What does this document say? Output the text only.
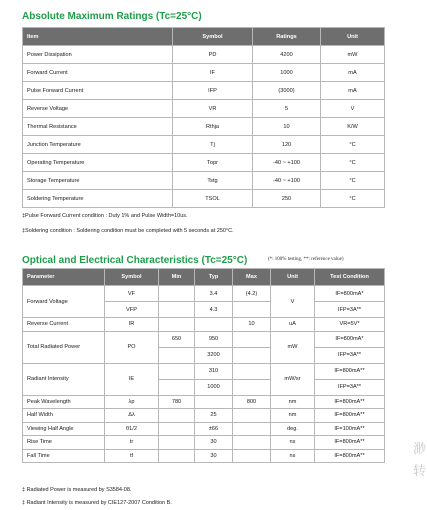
Absolute Maximum Ratings (Tc=25°C)
Item	Symbol	Ratings	Unit
Power Dissipation	PD	4200	mW
Forward Current	IF	1000	mA
Pulse Forward Current	IFP	(3000)	mA
Reverse Voltage	VR	5	V
Thermal Resistance	Rthja	10	K/W
Junction Temperature	Tj	120	°C
Operating Temperature	Topr	-40 ~ +100	°C
Storage Temperature	Tstg	-40 ~ +100	°C
Soldering Temperature	TSOL	250	°C

‡Pulse Forward Current condition : Duty 1% and Pulse Width=10us.

‡Soldering condition : Soldering condition must be completed with 5 seconds at 250°C.

Optical and Electrical Characteristics (Tc=25°C)	(*: 100% testing, **: reference value)
Parameter	Symbol	Min	Typ	Max	Unit	Test Condition
Forward Voltage	VF		3.4	(4.2)	V	IF=800mA*
	VFP		4.3			IFP=3A**
Reverse Current	IR			10	uA	VR=5V*
Total Radiated Power	PO	650	950		mW	IF=800mA*
			3200			IFP=3A**
Radiant Intensity	IE		310		mW/sr	IF=800mA**
			1000			IFP=3A**
Peak Wavelength	λp	780		800	nm	IF=800mA**
Half Width	Δλ		25		nm	IF=800mA**
Viewing Half Angle	θ1/2		±66		deg.	IF=100mA**
Rise Time	tr		30		ns	IF=800mA**
Fall Time	tf		30		ns	IF=800mA**

‡ Radiated Power is measured by S3584-08.

‡ Radiant Intensity is measured by CIE127-2007 Condition B.

渺
转
